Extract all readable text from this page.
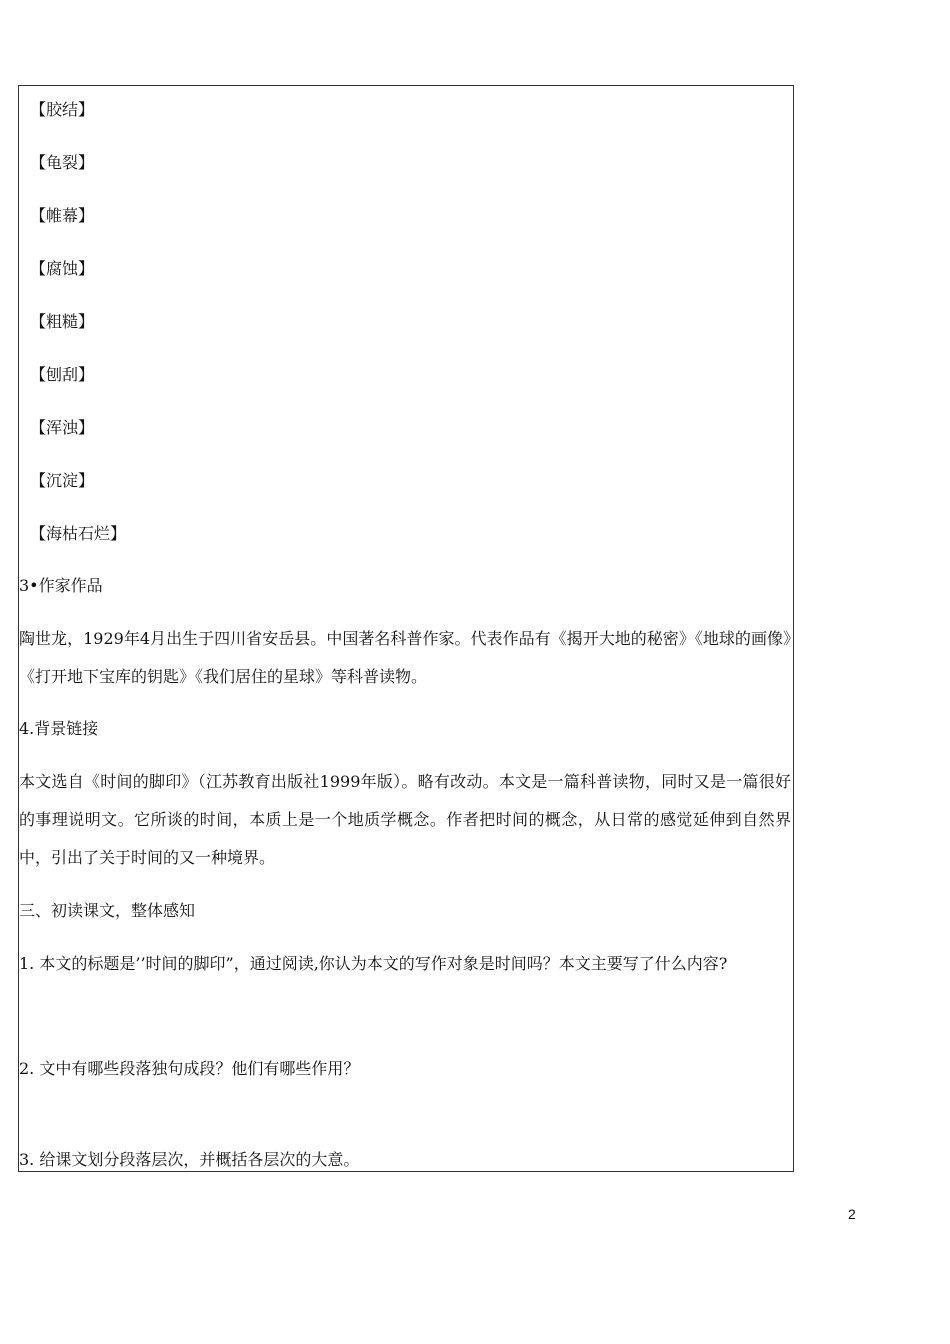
【胶结】
【龟裂】
【帷幕】
【腐蚀】
【粗糙】
【刨刮】
【浑浊】
【沉淀】
【海枯石烂】
3•作家作品
陶世龙，1929年4月出生于四川省安岳县。中国著名科普作家。代表作品有《揭开大地的秘密》《地球的画像》《打开地下宝库的钥匙》《我们居住的星球》等科普读物。
4.背景链接
本文选自《时间的脚印》（江苏教育出版社1999年版）。略有改动。本文是一篇科普读物，同时又是一篇很好的事理说明文。它所谈的时间，本质上是一个地质学概念。作者把时间的概念，从日常的感觉延伸到自然界中，引出了关于时间的又一种境界。
三、初读课文，整体感知
1. 本文的标题是’’时间的脚印”，通过阅读,你认为本文的写作对象是时间吗？本文主要写了什么内容?
2. 文中有哪些段落独句成段？他们有哪些作用？
3. 给课文划分段落层次，并概括各层次的大意。
2
